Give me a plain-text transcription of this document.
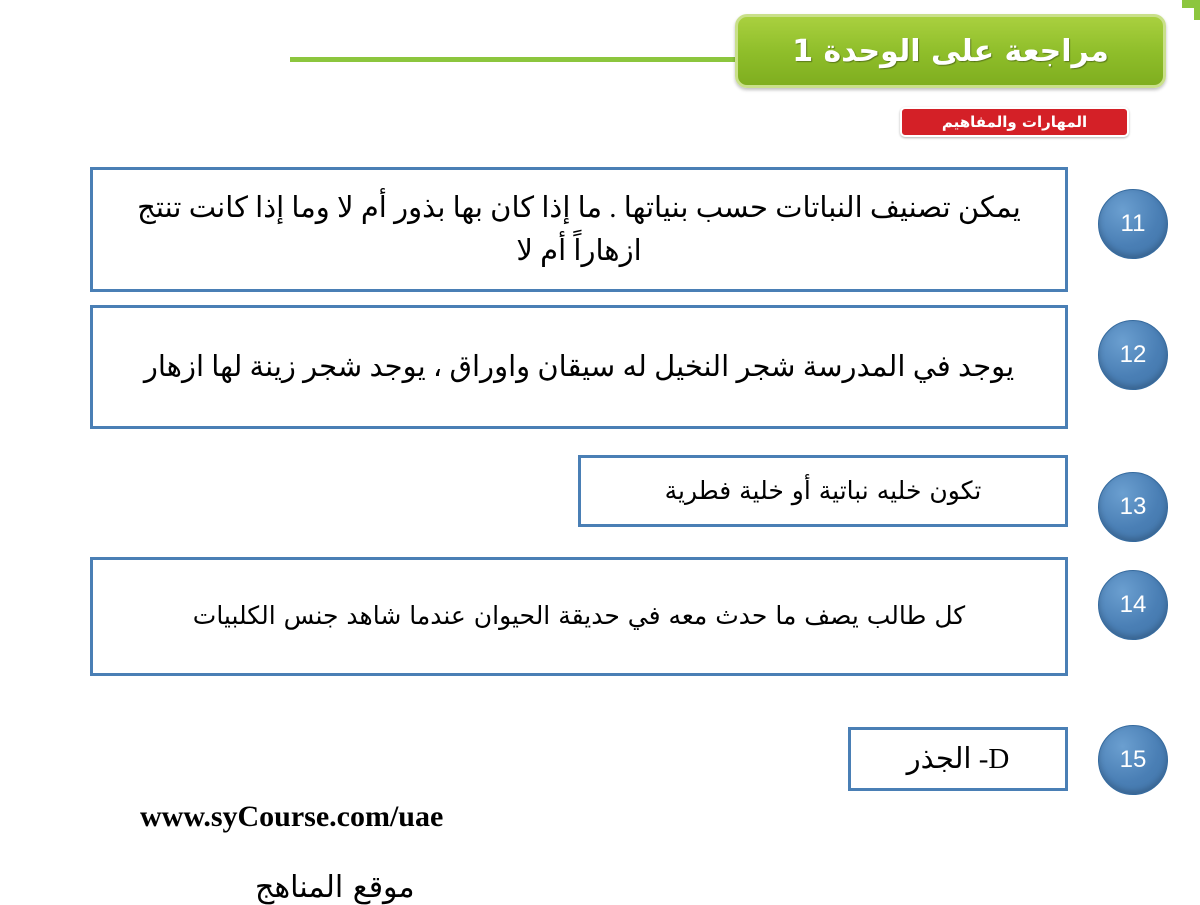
مراجعة على الوحدة 1
المهارات والمفاهيم
11
يمكن تصنيف النباتات حسب بنياتها . ما إذا كان بها بذور أم لا وما إذا كانت تنتج ازهاراً أم لا
12
يوجد في المدرسة شجر النخيل له سيقان واوراق ، يوجد شجر زينة لها ازهار
13
تكون خليه نباتية أو خلية فطرية
14
كل طالب يصف ما حدث معه في حديقة الحيوان عندما شاهد جنس الكلبيات
15
D- الجذر
www.syCourse.com/uae
موقع المناهج
